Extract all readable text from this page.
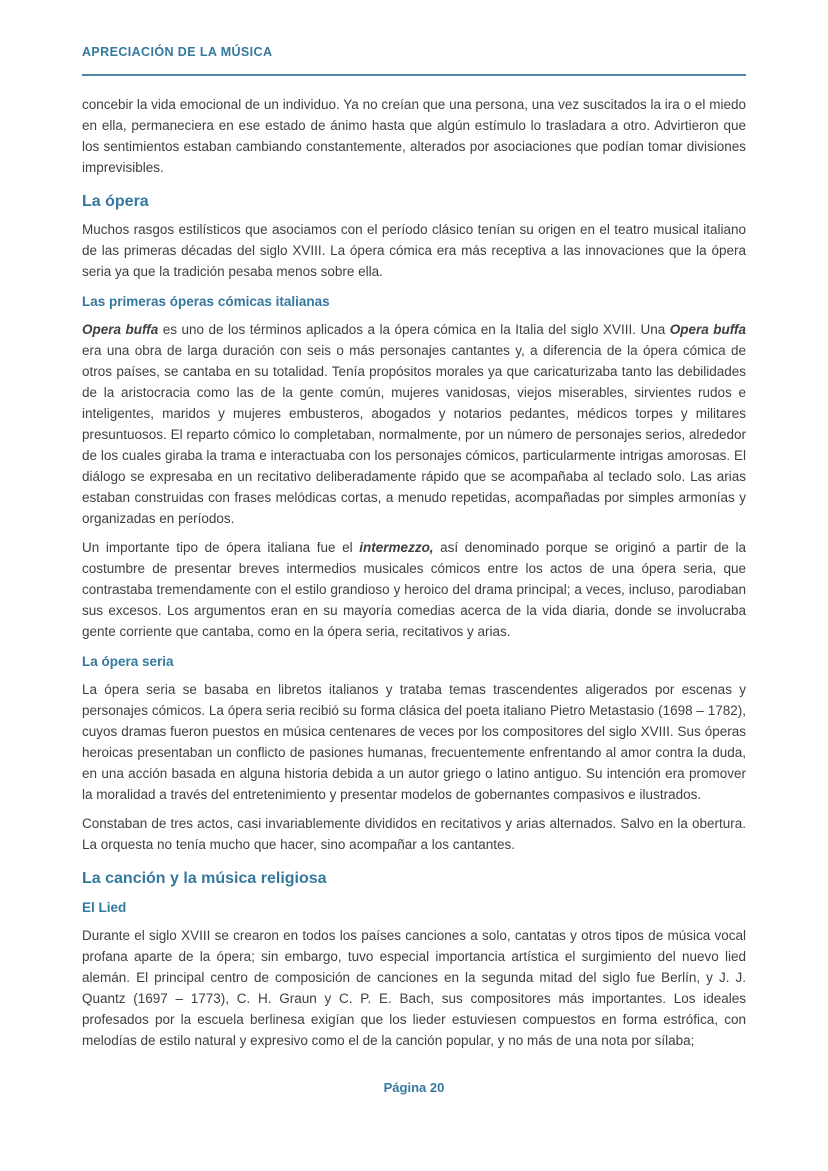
APRECIACIÓN DE LA MÚSICA

concebir la vida emocional de un individuo. Ya no creían que una persona, una vez suscitados la ira o el miedo en ella, permaneciera en ese estado de ánimo hasta que algún estímulo lo trasladara a otro. Advirtieron que los sentimientos estaban cambiando constantemente, alterados por asociaciones que podían tomar divisiones imprevisibles.

La ópera

Muchos rasgos estilísticos que asociamos con el período clásico tenían su origen en el teatro musical italiano de las primeras décadas del siglo XVIII. La ópera cómica era más receptiva a las innovaciones que la ópera seria ya que la tradición pesaba menos sobre ella.

Las primeras óperas cómicas italianas

Opera buffa es uno de los términos aplicados a la ópera cómica en la Italia del siglo XVIII. Una Opera buffa era una obra de larga duración con seis o más personajes cantantes y, a diferencia de la ópera cómica de otros países, se cantaba en su totalidad. Tenía propósitos morales ya que caricaturizaba tanto las debilidades de la aristocracia como las de la gente común, mujeres vanidosas, viejos miserables, sirvientes rudos e inteligentes, maridos y mujeres embusteros, abogados y notarios pedantes, médicos torpes y militares presuntuosos. El reparto cómico lo completaban, normalmente, por un número de personajes serios, alrededor de los cuales giraba la trama e interactuaba con los personajes cómicos, particularmente intrigas amorosas. El diálogo se expresaba en un recitativo deliberadamente rápido que se acompañaba al teclado solo. Las arias estaban construidas con frases melódicas cortas, a menudo repetidas, acompañadas por simples armonías y organizadas en períodos.

Un importante tipo de ópera italiana fue el intermezzo, así denominado porque se originó a partir de la costumbre de presentar breves intermedios musicales cómicos entre los actos de una ópera seria, que contrastaba tremendamente con el estilo grandioso y heroico del drama principal; a veces, incluso, parodiaban sus excesos. Los argumentos eran en su mayoría comedias acerca de la vida diaria, donde se involucraba gente corriente que cantaba, como en la ópera seria, recitativos y arias.

La ópera seria

La ópera seria se basaba en libretos italianos y trataba temas trascendentes aligerados por escenas y personajes cómicos. La ópera seria recibió su forma clásica del poeta italiano Pietro Metastasio (1698 – 1782), cuyos dramas fueron puestos en música centenares de veces por los compositores del siglo XVIII. Sus óperas heroicas presentaban un conflicto de pasiones humanas, frecuentemente enfrentando al amor contra la duda, en una acción basada en alguna historia debida a un autor griego o latino antiguo. Su intención era promover la moralidad a través del entretenimiento y presentar modelos de gobernantes compasivos e ilustrados.

Constaban de tres actos, casi invariablemente divididos en recitativos y arias alternados. Salvo en la obertura. La orquesta no tenía mucho que hacer, sino acompañar a los cantantes.

La canción y la música religiosa
El Lied

Durante el siglo XVIII se crearon en todos los países canciones a solo, cantatas y otros tipos de música vocal profana aparte de la ópera; sin embargo, tuvo especial importancia artística el surgimiento del nuevo lied alemán. El principal centro de composición de canciones en la segunda mitad del siglo fue Berlín, y J. J. Quantz (1697 – 1773), C. H. Graun y C. P. E. Bach, sus compositores más importantes. Los ideales profesados por la escuela berlinesa exigían que los lieder estuviesen compuestos en forma estrófica, con melodías de estilo natural y expresivo como el de la canción popular, y no más de una nota por sílaba;

Página 20
